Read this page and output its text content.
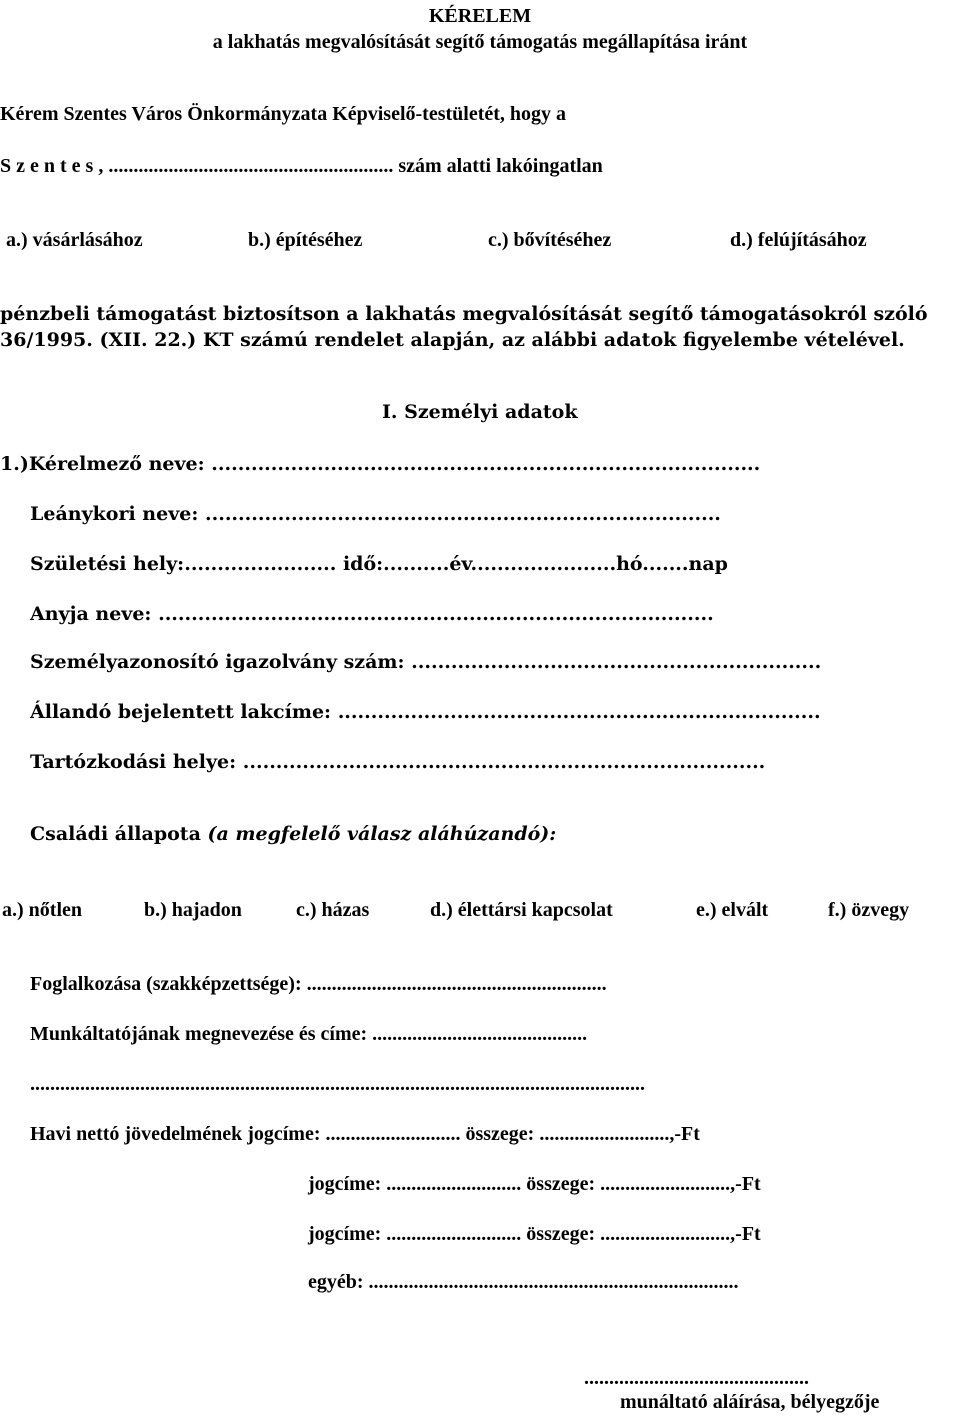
KÉRELEM
a lakhatás megvalósítását segítő támogatás megállapítása iránt
Kérem Szentes Város Önkormányzata Képviselő-testületét, hogy a
S z e n t e s , ......................................................... szám alatti lakóingatlan
a.) vásárlásához	b.) építéséhez	c.) bővítéséhez	d.) felújításához
pénzbeli támogatást biztosítson a lakhatás megvalósítását segítő támogatásokról szóló
36/1995. (XII. 22.) KT számú rendelet alapján, az alábbi adatok figyelembe vételével.
I. Személyi adatok
1.)Kérelmező neve: ...................................................................................
Leánykori neve: ..............................................................................
Születési hely:....................... idő:..........év......................hó.......nap
Anyja neve: ....................................................................................
Személyazonosító igazolvány szám: ..............................................................
Állandó bejelentett lakcíme: .........................................................................
Tartózkodási helye: ...............................................................................
Családi állapota (a megfelelő válasz aláhúzandó):
a.) nőtlen	b.) hajadon	c.) házas	d.) élettársi kapcsolat	e.) elvált	f.) özvegy
Foglalkozása (szakképzettsége): ............................................................
Munkáltatójának megnevezése és címe: ...........................................
...........................................................................................................................
Havi nettó jövedelmének jogcíme: ........................... összege: ..........................,-Ft
jogcíme: ........................... összege: ..........................,-Ft
jogcíme: ........................... összege: ..........................,-Ft
egyéb: ..........................................................................
.............................................
munáltató aláírása, bélyegzője
